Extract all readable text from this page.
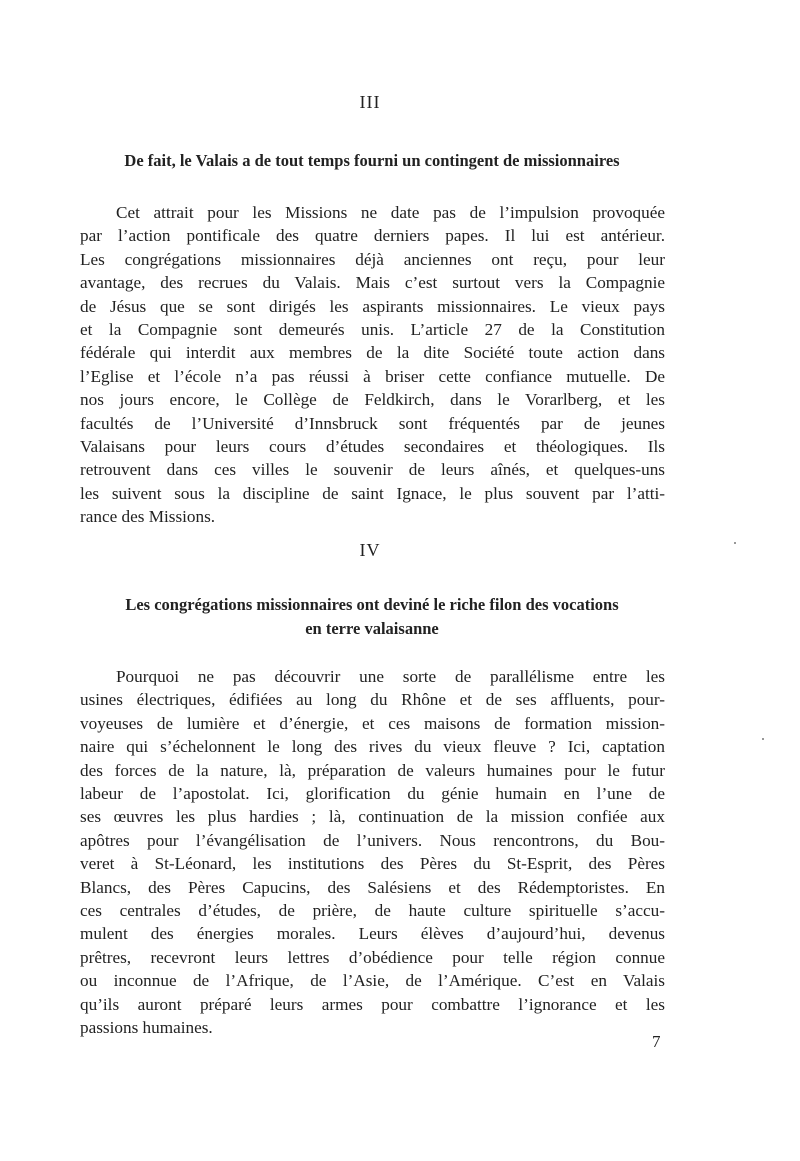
III
De fait, le Valais a de tout temps fourni un contingent de missionnaires
Cet attrait pour les Missions ne date pas de l’impulsion provoquée
par l’action pontificale des quatre derniers papes. Il lui est antérieur.
Les congrégations missionnaires déjà anciennes ont reçu, pour leur
avantage, des recrues du Valais. Mais c’est surtout vers la Compagnie
de Jésus que se sont dirigés les aspirants missionnaires. Le vieux pays
et la Compagnie sont demeurés unis. L’article 27 de la Constitution
fédérale qui interdit aux membres de la dite Société toute action dans
l’Eglise et l’école n’a pas réussi à briser cette confiance mutuelle. De
nos jours encore, le Collège de Feldkirch, dans le Vorarlberg, et les
facultés de l’Université d’Innsbruck sont fréquentés par de jeunes
Valaisans pour leurs cours d’études secondaires et théologiques. Ils
retrouvent dans ces villes le souvenir de leurs aînés, et quelques-uns
les suivent sous la discipline de saint Ignace, le plus souvent par l’atti-
rance des Missions.
IV
Les congrégations missionnaires ont deviné le riche filon des vocations
en terre valaisanne
Pourquoi ne pas découvrir une sorte de parallélisme entre les
usines électriques, édifiées au long du Rhône et de ses affluents, pour-
voyeuses de lumière et d’énergie, et ces maisons de formation mission-
naire qui s’échelonnent le long des rives du vieux fleuve ? Ici, captation
des forces de la nature, là, préparation de valeurs humaines pour le futur
labeur de l’apostolat. Ici, glorification du génie humain en l’une de
ses œuvres les plus hardies ; là, continuation de la mission confiée aux
apôtres pour l’évangélisation de l’univers. Nous rencontrons, du Bou-
veret à St-Léonard, les institutions des Pères du St-Esprit, des Pères
Blancs, des Pères Capucins, des Salésiens et des Rédemptoristes. En
ces centrales d’études, de prière, de haute culture spirituelle s’accu-
mulent des énergies morales. Leurs élèves d’aujourd’hui, devenus
prêtres, recevront leurs lettres d’obédience pour telle région connue
ou inconnue de l’Afrique, de l’Asie, de l’Amérique. C’est en Valais
qu’ils auront préparé leurs armes pour combattre l’ignorance et les
passions humaines.
7
